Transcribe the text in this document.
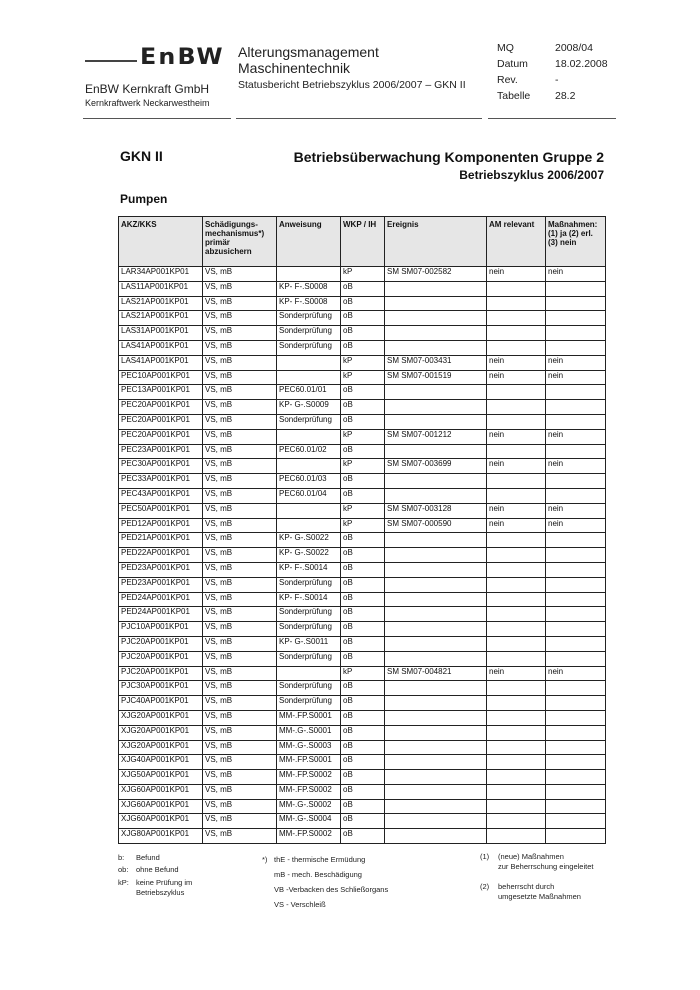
EnBW
EnBW Kernkraft GmbH
Kernkraftwerk Neckarwestheim
Alterungsmanagement
Maschinentechnik
Statusbericht Betriebszyklus 2006/2007 – GKN II
MQ	2008/04
Datum	18.02.2008
Rev.	-
Tabelle 28.2
GKN II	Betriebsüberwachung Komponenten Gruppe 2
Betriebszyklus 2006/2007
Pumpen
AKZ/KKS	Schädigungs-mechanismus*) primär abzusichern	Anweisung	WKP / IH	Ereignis	AM relevant	Maßnahmen: (1) ja (2) erl. (3) nein
LAR34AP001KP01	VS, mB		kP	SM SM07-002582	nein	nein
LAS11AP001KP01	VS, mB	KP- F-.S0008	oB			
LAS21AP001KP01	VS, mB	KP- F-.S0008	oB			
LAS21AP001KP01	VS, mB	Sonderprüfung	oB			
LAS31AP001KP01	VS, mB	Sonderprüfung	oB			
LAS41AP001KP01	VS, mB	Sonderprüfung	oB			
LAS41AP001KP01	VS, mB		kP	SM SM07-003431	nein	nein
PEC10AP001KP01	VS, mB		kP	SM SM07-001519	nein	nein
PEC13AP001KP01	VS, mB	PEC60.01/01	oB			
PEC20AP001KP01	VS, mB	KP- G-.S0009	oB			
PEC20AP001KP01	VS, mB	Sonderprüfung	oB			
PEC20AP001KP01	VS, mB		kP	SM SM07-001212	nein	nein
PEC23AP001KP01	VS, mB	PEC60.01/02	oB			
PEC30AP001KP01	VS, mB		kP	SM SM07-003699	nein	nein
PEC33AP001KP01	VS, mB	PEC60.01/03	oB			
PEC43AP001KP01	VS, mB	PEC60.01/04	oB			
PEC50AP001KP01	VS, mB		kP	SM SM07-003128	nein	nein
PED12AP001KP01	VS, mB		kP	SM SM07-000590	nein	nein
PED21AP001KP01	VS, mB	KP- G-.S0022	oB			
PED22AP001KP01	VS, mB	KP- G-.S0022	oB			
PED23AP001KP01	VS, mB	KP- F-.S0014	oB			
PED23AP001KP01	VS, mB	Sonderprüfung	oB			
PED24AP001KP01	VS, mB	KP- F-.S0014	oB			
PED24AP001KP01	VS, mB	Sonderprüfung	oB			
PJC10AP001KP01	VS, mB	Sonderprüfung	oB			
PJC20AP001KP01	VS, mB	KP- G-.S0011	oB			
PJC20AP001KP01	VS, mB	Sonderprüfung	oB			
PJC20AP001KP01	VS, mB		kP	SM SM07-004821	nein	nein
PJC30AP001KP01	VS, mB	Sonderprüfung	oB			
PJC40AP001KP01	VS, mB	Sonderprüfung	oB			
XJG20AP001KP01	VS, mB	MM-.FP.S0001	oB			
XJG20AP001KP01	VS, mB	MM-.G-.S0001	oB			
XJG20AP001KP01	VS, mB	MM-.G-.S0003	oB			
XJG40AP001KP01	VS, mB	MM-.FP.S0001	oB			
XJG50AP001KP01	VS, mB	MM-.FP.S0002	oB			
XJG60AP001KP01	VS, mB	MM-.FP.S0002	oB			
XJG60AP001KP01	VS, mB	MM-.G-.S0002	oB			
XJG60AP001KP01	VS, mB	MM-.G-.S0004	oB			
XJG80AP001KP01	VS, mB	MM-.FP.S0002	oB			
b: Befund
ob: ohne Befund
kP: keine Prüfung im
Betriebszyklus
*) thE - thermische Ermüdung
mB - mech. Beschädigung
VB -Verbacken des Schließorgans
VS - Verschleiß
(1) (neue) Maßnahmen
zur Beherrschung eingeleitet
(2) beherrscht durch
umgesetzte Maßnahmen
